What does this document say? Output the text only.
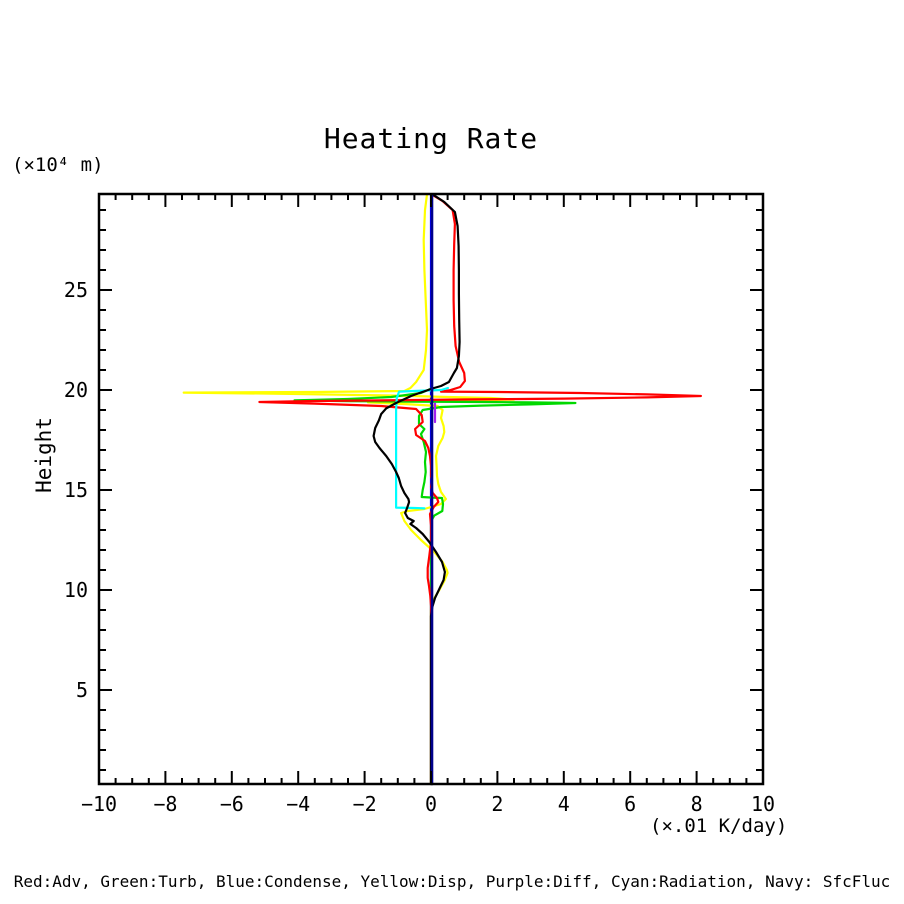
−10 −8 −6 −4 −2 0	2	4	6	8 10
5
10
15
20
25
Heating Rate
(×10⁴ m)
Height
(×.01 K/day)
Red:Adv, Green:Turb, Blue:Condense, Yellow:Disp, Purple:Diff, Cyan:Radiation, Navy: SfcFluc
